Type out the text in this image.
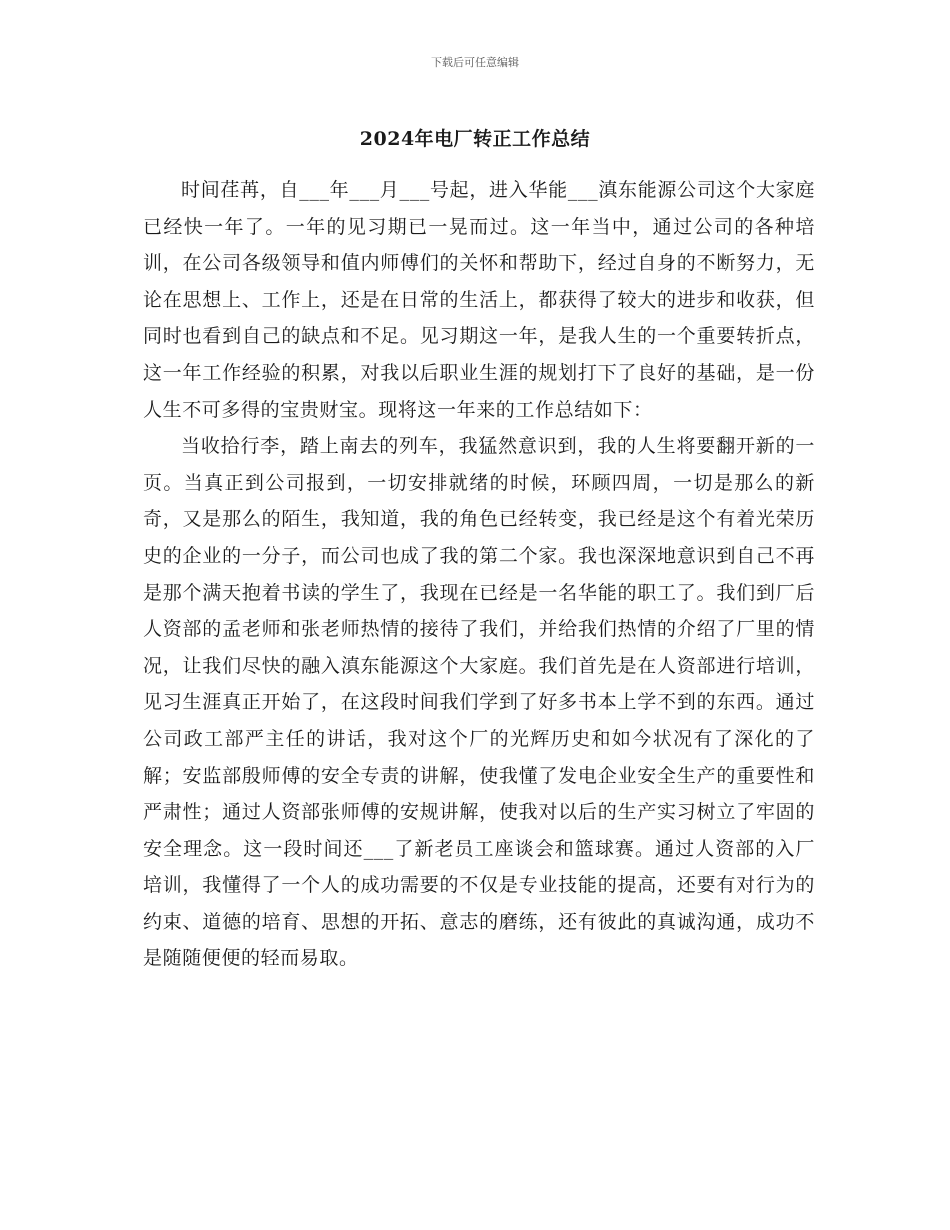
下载后可任意编辑
2024年电厂转正工作总结

时间荏苒，自___年___月___号起，进入华能___滇东能源公司这个大家庭已经快一年了。一年的见习期已一晃而过。这一年当中，通过公司的各种培训，在公司各级领导和值内师傅们的关怀和帮助下，经过自身的不断努力，无论在思想上、工作上，还是在日常的生活上，都获得了较大的进步和收获，但同时也看到自己的缺点和不足。见习期这一年，是我人生的一个重要转折点，这一年工作经验的积累，对我以后职业生涯的规划打下了良好的基础，是一份人生不可多得的宝贵财宝。现将这一年来的工作总结如下：

当收拾行李，踏上南去的列车，我猛然意识到，我的人生将要翻开新的一页。当真正到公司报到，一切安排就绪的时候，环顾四周，一切是那么的新奇，又是那么的陌生，我知道，我的角色已经转变，我已经是这个有着光荣历史的企业的一分子，而公司也成了我的第二个家。我也深深地意识到自己不再是那个满天抱着书读的学生了，我现在已经是一名华能的职工了。我们到厂后人资部的孟老师和张老师热情的接待了我们，并给我们热情的介绍了厂里的情况，让我们尽快的融入滇东能源这个大家庭。我们首先是在人资部进行培训，见习生涯真正开始了，在这段时间我们学到了好多书本上学不到的东西。通过公司政工部严主任的讲话，我对这个厂的光辉历史和如今状况有了深化的了解；安监部殷师傅的安全专责的讲解，使我懂了发电企业安全生产的重要性和严肃性；通过人资部张师傅的安规讲解，使我对以后的生产实习树立了牢固的安全理念。这一段时间还___了新老员工座谈会和篮球赛。通过人资部的入厂培训，我懂得了一个人的成功需要的不仅是专业技能的提高，还要有对行为的约束、道德的培育、思想的开拓、意志的磨练，还有彼此的真诚沟通，成功不是随随便便的轻而易取。
